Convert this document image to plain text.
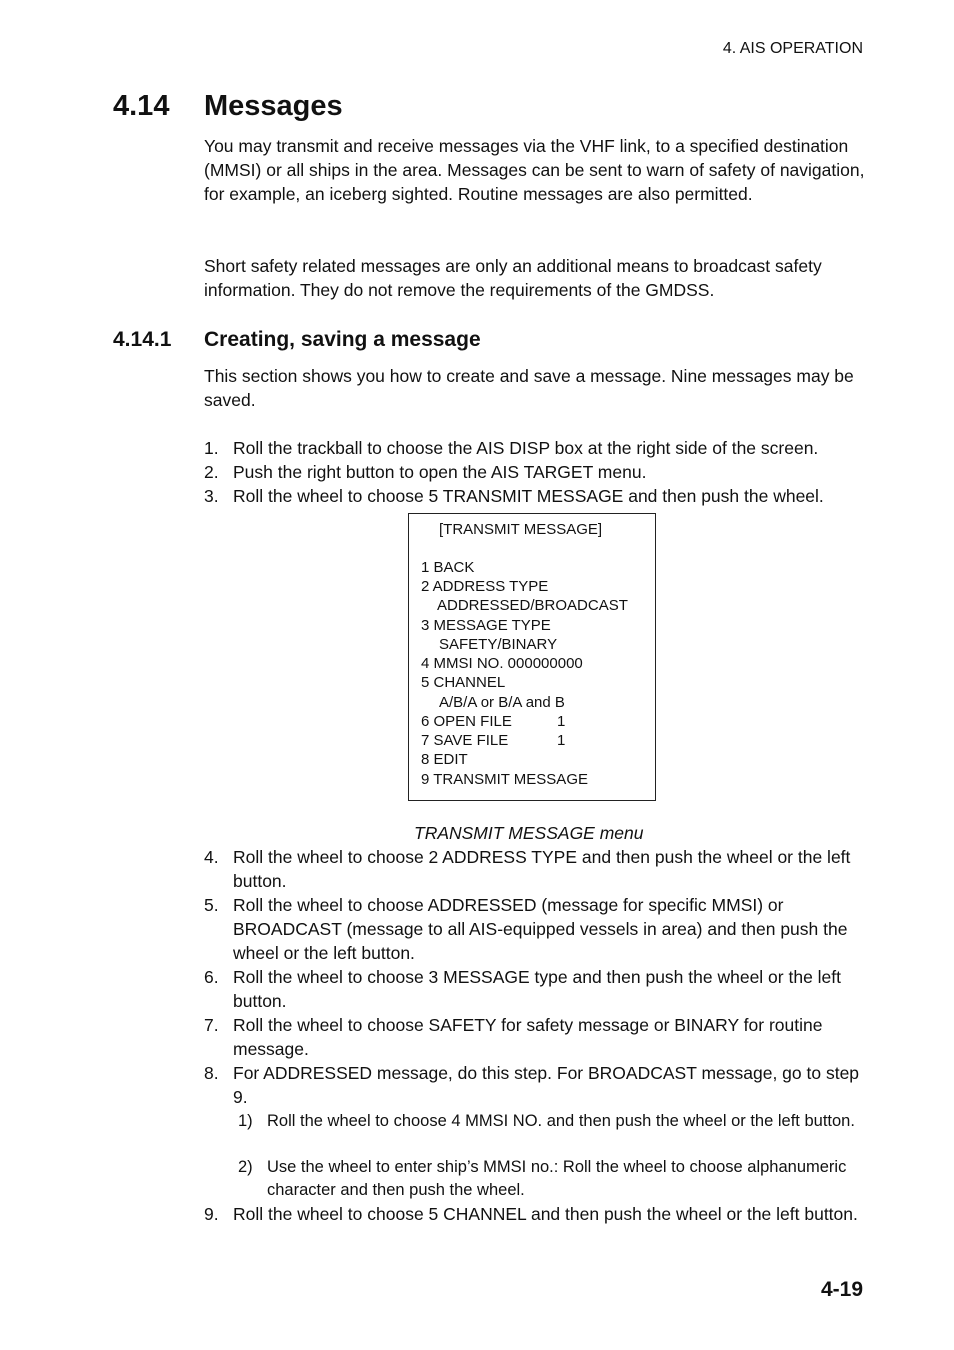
4. AIS OPERATION
4.14 Messages

You may transmit and receive messages via the VHF link, to a specified destination (MMSI) or all ships in the area. Messages can be sent to warn of safety of navigation, for example, an iceberg sighted. Routine messages are also permitted.

Short safety related messages are only an additional means to broadcast safety information. They do not remove the requirements of the GMDSS.

4.14.1 Creating, saving a message

This section shows you how to create and save a message. Nine messages may be saved.

1. Roll the trackball to choose the AIS DISP box at the right side of the screen.
2. Push the right button to open the AIS TARGET menu.
3. Roll the wheel to choose 5 TRANSMIT MESSAGE and then push the wheel.
[TRANSMIT MESSAGE]
1 BACK
2 ADDRESS TYPE
ADDRESSED/BROADCAST
3 MESSAGE TYPE
SAFETY/BINARY
4 MMSI NO. 000000000
5 CHANNEL
A/B/A or B/A and B
6 OPEN FILE	1
7 SAVE FILE	1
8 EDIT
9 TRANSMIT MESSAGE
TRANSMIT MESSAGE menu
4. Roll the wheel to choose 2 ADDRESS TYPE and then push the wheel or the left button.
5. Roll the wheel to choose ADDRESSED (message for specific MMSI) or BROADCAST (message to all AIS-equipped vessels in area) and then push the wheel or the left button.
6. Roll the wheel to choose 3 MESSAGE type and then push the wheel or the left button.
7. Roll the wheel to choose SAFETY for safety message or BINARY for routine message.
8. For ADDRESSED message, do this step. For BROADCAST message, go to step 9.
1) Roll the wheel to choose 4 MMSI NO. and then push the wheel or the left button.
2) Use the wheel to enter ship’s MMSI no.: Roll the wheel to choose alphanumeric character and then push the wheel.
9. Roll the wheel to choose 5 CHANNEL and then push the wheel or the left button.
4-19
